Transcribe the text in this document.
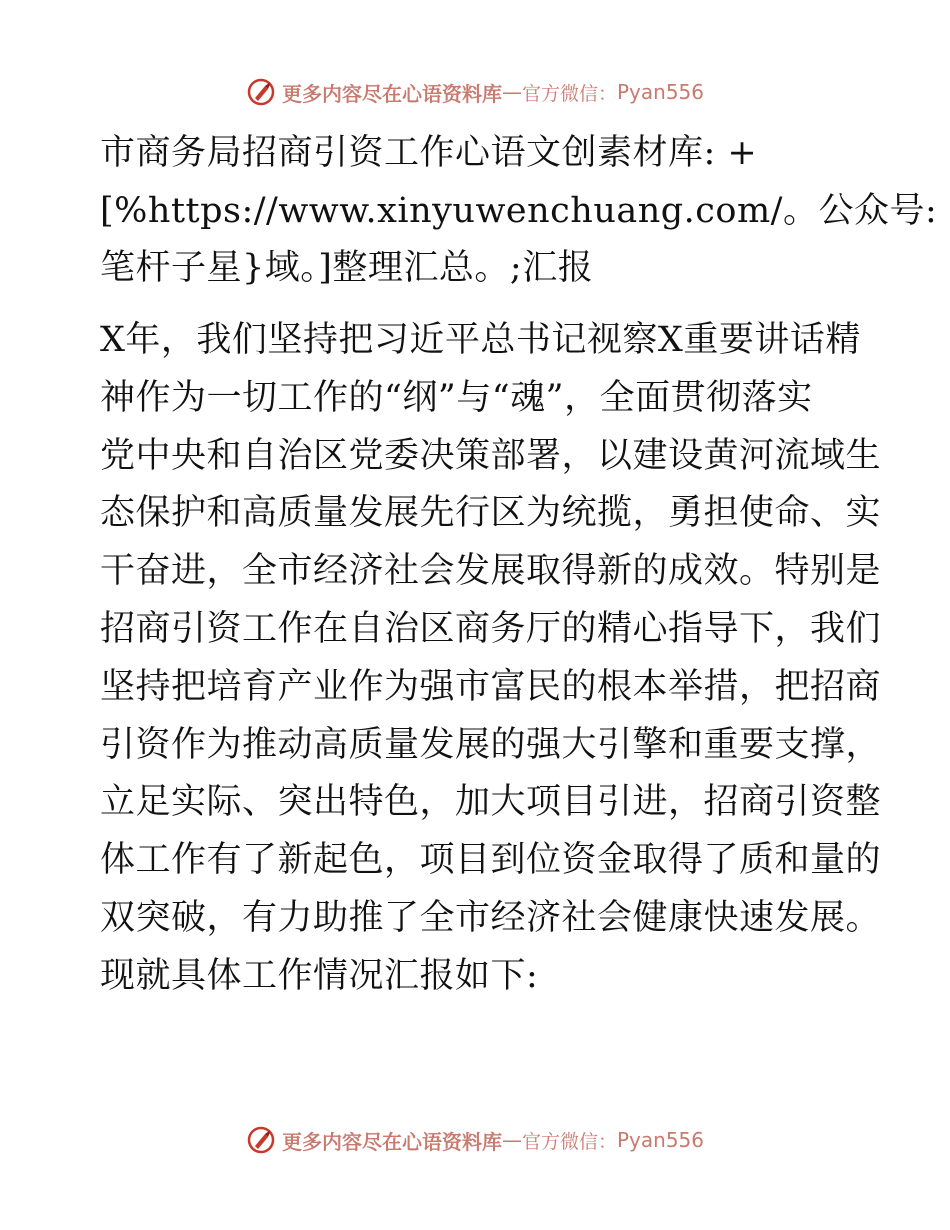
更多内容尽在心语资料库 — 官方微信： Pyan556
市商务局招商引资工作心语文创素材库: +
[%https://www.xinyuwenchuang.com/。公众号:
笔杆子星}域。]整理汇总。;汇报
X年，我们坚持把习近平总书记视察X重要讲话精
神作为一切工作的“纲”与“魂”，全面贯彻落实
党中央和自治区党委决策部署，以建设黄河流域生
态保护和高质量发展先行区为统揽，勇担使命、实
干奋进，全市经济社会发展取得新的成效。特别是
招商引资工作在自治区商务厅的精心指导下，我们
坚持把培育产业作为强市富民的根本举措，把招商
引资作为推动高质量发展的强大引擎和重要支撑，
立足实际、突出特色，加大项目引进，招商引资整
体工作有了新起色，项目到位资金取得了质和量的
双突破，有力助推了全市经济社会健康快速发展。
现就具体工作情况汇报如下:
更多内容尽在心语资料库 — 官方微信： Pyan556
